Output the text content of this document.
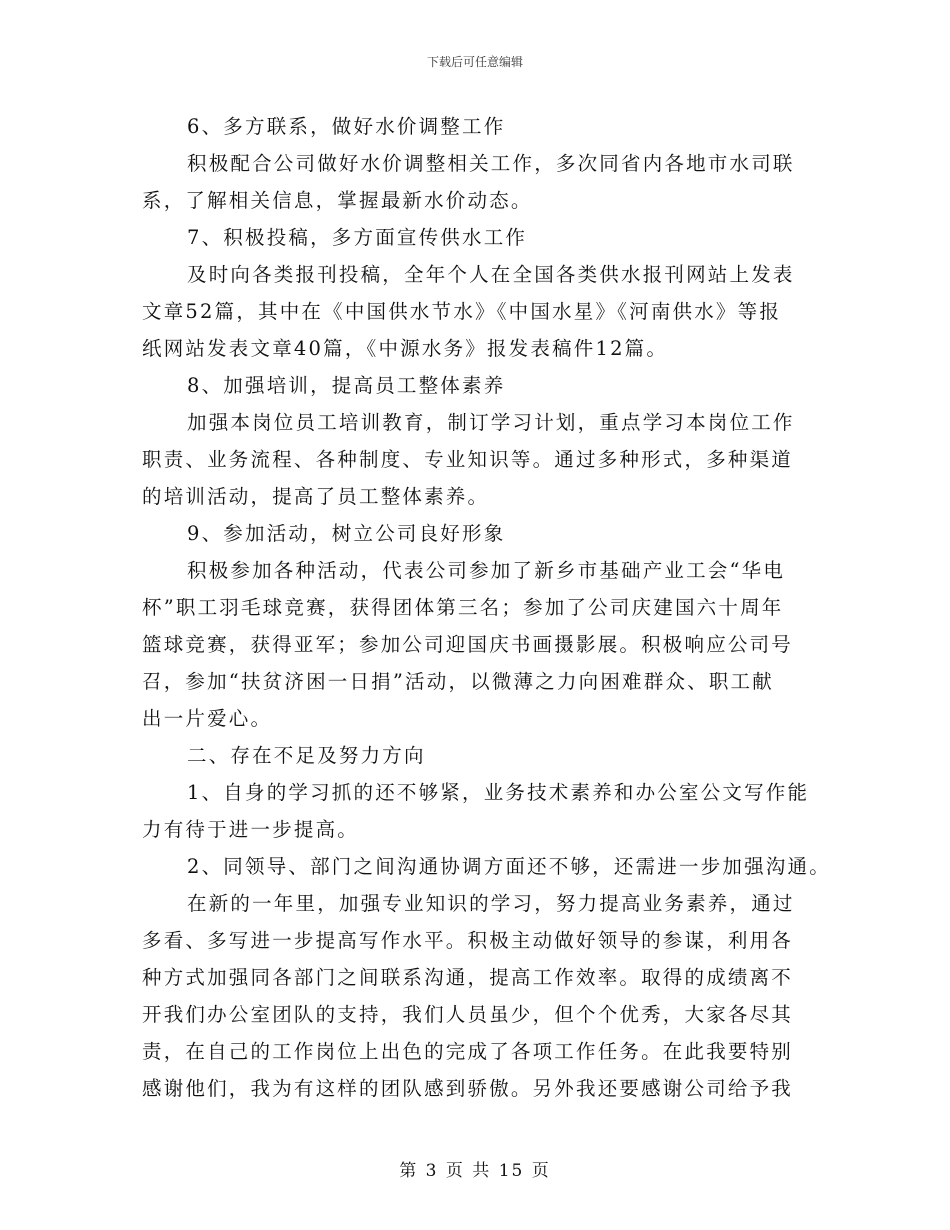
下载后可任意编辑
6、多方联系，做好水价调整工作
积极配合公司做好水价调整相关工作，多次同省内各地市水司联
系，了解相关信息，掌握最新水价动态。
7、积极投稿，多方面宣传供水工作
及时向各类报刊投稿，全年个人在全国各类供水报刊网站上发表
文章52篇，其中在《中国供水节水》《中国水星》《河南供水》等报
纸网站发表文章40篇，《中源水务》报发表稿件12篇。
8、加强培训，提高员工整体素养
加强本岗位员工培训教育，制订学习计划，重点学习本岗位工作
职责、业务流程、各种制度、专业知识等。通过多种形式，多种渠道
的培训活动，提高了员工整体素养。
9、参加活动，树立公司良好形象
积极参加各种活动，代表公司参加了新乡市基础产业工会“华电
杯”职工羽毛球竞赛，获得团体第三名；参加了公司庆建国六十周年
篮球竞赛，获得亚军；参加公司迎国庆书画摄影展。积极响应公司号
召，参加“扶贫济困一日捐”活动，以微薄之力向困难群众、职工献
出一片爱心。
二、存在不足及努力方向
1、自身的学习抓的还不够紧，业务技术素养和办公室公文写作能
力有待于进一步提高。
2、同领导、部门之间沟通协调方面还不够，还需进一步加强沟通。
在新的一年里，加强专业知识的学习，努力提高业务素养，通过
多看、多写进一步提高写作水平。积极主动做好领导的参谋，利用各
种方式加强同各部门之间联系沟通，提高工作效率。取得的成绩离不
开我们办公室团队的支持，我们人员虽少，但个个优秀，大家各尽其
责，在自己的工作岗位上出色的完成了各项工作任务。在此我要特别
感谢他们，我为有这样的团队感到骄傲。另外我还要感谢公司给予我
第 3 页 共 15 页
